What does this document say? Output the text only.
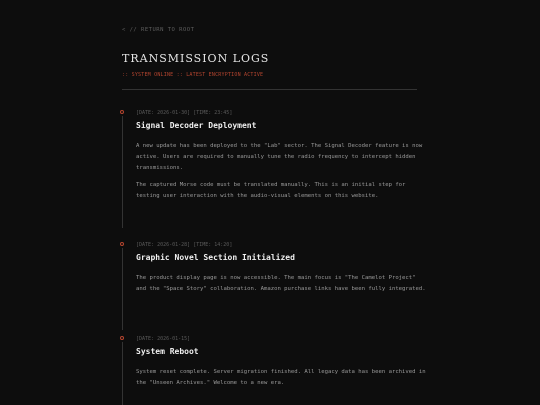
< // RETURN TO ROOT
TRANSMISSION LOGS
:: SYSTEM ONLINE :: LATEST ENCRYPTION ACTIVE
[DATE: 2026-01-30] [TIME: 23:45]
Signal Decoder Deployment

A new update has been deployed to the "Lab" sector. The Signal Decoder feature is now active. Users are required to manually tune the radio frequency to intercept hidden transmissions.

The captured Morse code must be translated manually. This is an initial step for testing user interaction with the audio-visual elements on this website.

[DATE: 2026-01-28] [TIME: 14:20]
Graphic Novel Section Initialized

The product display page is now accessible. The main focus is "The Camelot Project" and the "Space Story" collaboration. Amazon purchase links have been fully integrated.

[DATE: 2026-01-15]
System Reboot

System reset complete. Server migration finished. All legacy data has been archived in the "Unseen Archives." Welcome to a new era.
